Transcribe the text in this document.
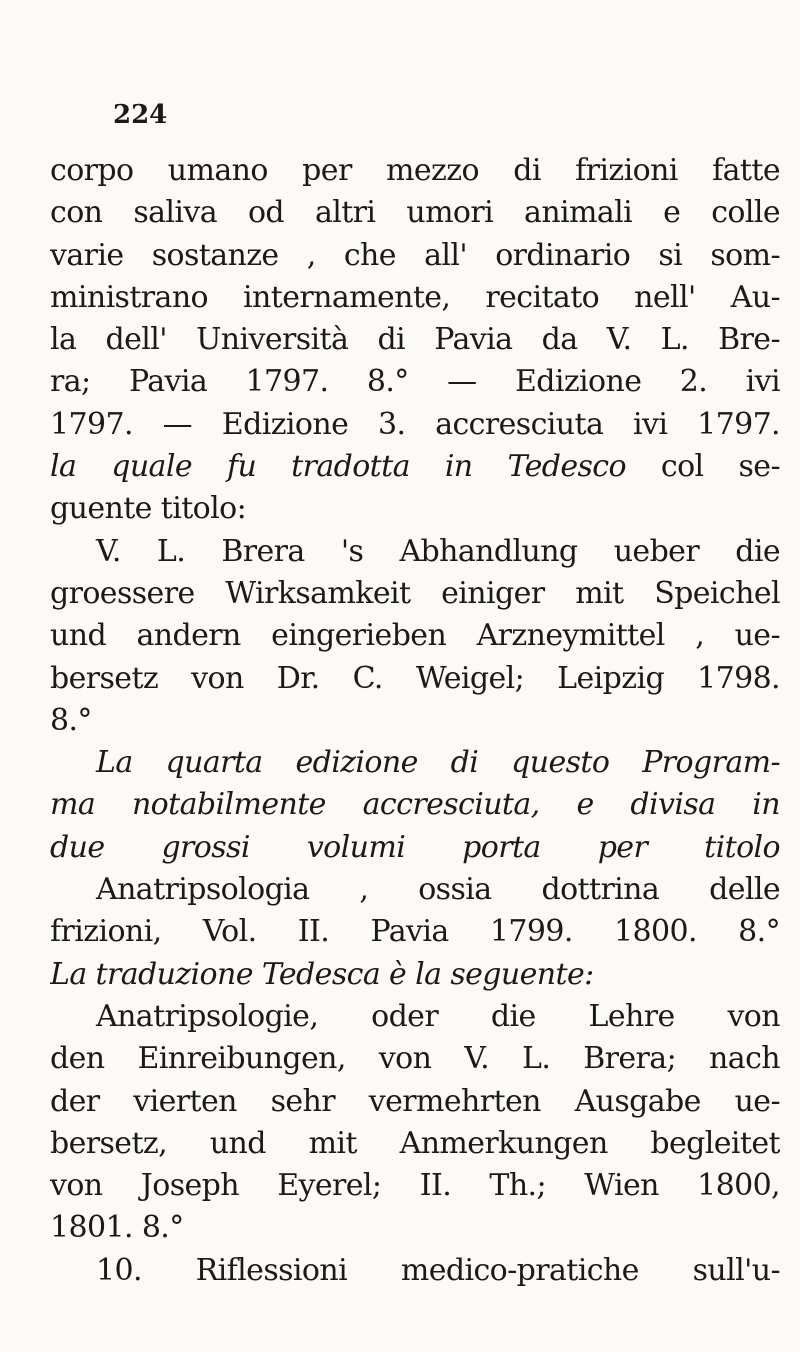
224
corpo umano per mezzo di frizioni fatte
con saliva od altri umori animali e colle
varie sostanze , che all' ordinario si som-
ministrano internamente, recitato nell' Au-
la dell' Università di Pavia da V. L. Bre-
ra; Pavia 1797. 8.° — Edizione 2. ivi
1797. — Edizione 3. accresciuta ivi 1797.
la quale fu tradotta in Tedesco col se-
guente titolo:
V. L. Brera 's Abhandlung ueber die
groessere Wirksamkeit einiger mit Speichel
und andern eingerieben Arzneymittel , ue-
bersetz von Dr. C. Weigel; Leipzig 1798.
8.°
La quarta edizione di questo Program-
ma notabilmente accresciuta, e divisa in
due grossi volumi porta per titolo
Anatripsologia , ossia dottrina delle
frizioni, Vol. II. Pavia 1799. 1800. 8.°
La traduzione Tedesca è la seguente:
Anatripsologie, oder die Lehre von
den Einreibungen, von V. L. Brera; nach
der vierten sehr vermehrten Ausgabe ue-
bersetz, und mit Anmerkungen begleitet
von Joseph Eyerel; II. Th.; Wien 1800,
1801. 8.°
10. Riflessioni medico-pratiche sull'u-
